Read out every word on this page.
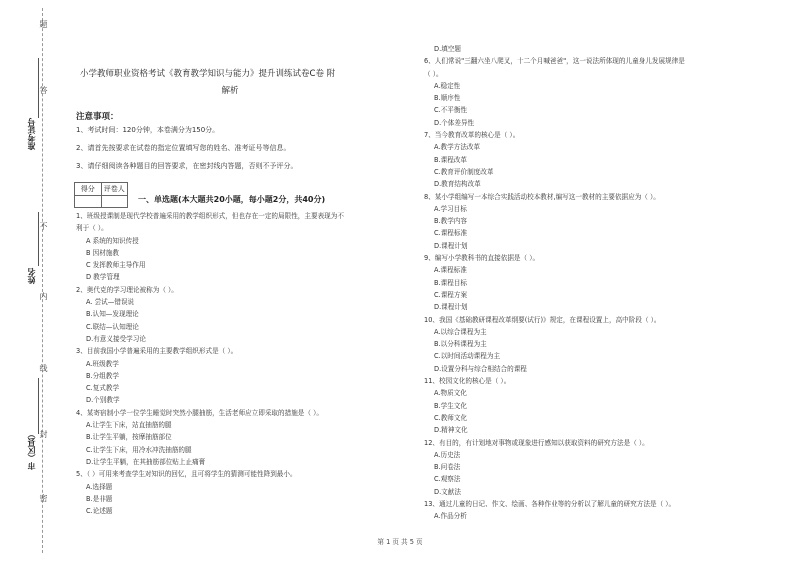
题
答
不
内
线
封
密
准考证号
姓名
市（区县）
小学教师职业资格考试《教育教学知识与能力》提升训练试卷C卷 附
解析
注意事项：
1、考试时间：120分钟，本卷满分为150分。
2、请首先按要求在试卷的指定位置填写您的姓名、准考证号等信息。
3、请仔细阅读各种题目的回答要求，在密封线内答题，否则不予评分。
得分	评卷人
一、单选题(本大题共20小题，每小题2分，共40分)
1、班级授课制是现代学校普遍采用的教学组织形式，但也存在一定的局限性，主要表现为不
利于（ ）。
A 系统的知识传授
B 因材施教
C 发挥教师主导作用
D 教学管理
2、奥代克的学习理论被称为（ ）。
A. 尝试—错误说
B.认知—发现理论
C.联结—认知理论
D.有意义接受学习论
3、目前我国小学普遍采用的主要教学组织形式是（ ）。
A.班级教学
B.分组教学
C.复式教学
D.个别教学
4、某寄宿制小学一位学生睡觉时突然小腿抽筋，生活老师应立即采取的措施是（ ）。
A.让学生下床，站直抽筋的腿
B.让学生平躺，按摩抽筋部位
C.让学生下床，用冷水冲洗抽筋的腿
D.让学生平躺，在其抽筋部位贴上止痛膏
5、（ ）可用来考查学生对知识的回忆，且可将学生的猜测可能性降到最小。
A.选择题
B.是非题
C.论述题
D.填空题
6、人们常说"三翻六坐八爬叉，十二个月喊爸爸"，这一说法所体现的儿童身儿发展规律是
（ ）。
A.稳定性
B.顺序性
C.不平衡性
D.个体差异性
7、当今教育改革的核心是（ ）。
A.教学方法改革
B.课程改革
C.教育评价制度改革
D.教育结构改革
8、某小学组编写一本综合实践活动校本教材,编写这一教材的主要依据应为（ ）。
A.学习目标
B.教学内容
C.课程标准
D.课程计划
9、编写小学教科书的直接依据是（ ）。
A.课程标准
B.课程目标
C.课程方案
D.课程计划
10、我国《基础教研课程改革纲要(试行)》规定，在课程设置上，高中阶段（ ）。
A.以综合课程为主
B.以分科课程为主
C.以时间活动课程为主
D.设置分科与综合相结合的课程
11、校园文化的核心是（ ）。
A.物质文化
B.学生文化
C.教师文化
D.精神文化
12、有目的，有计划地对事物或现象进行感知以获取资料的研究方法是（ ）。
A.历史法
B.问卷法
C.观察法
D.文献法
13、通过儿童的日记、作文、绘画、各种作业等的分析以了解儿童的研究方法是（ ）。
A.作品分析
第 1 页 共 5 页
